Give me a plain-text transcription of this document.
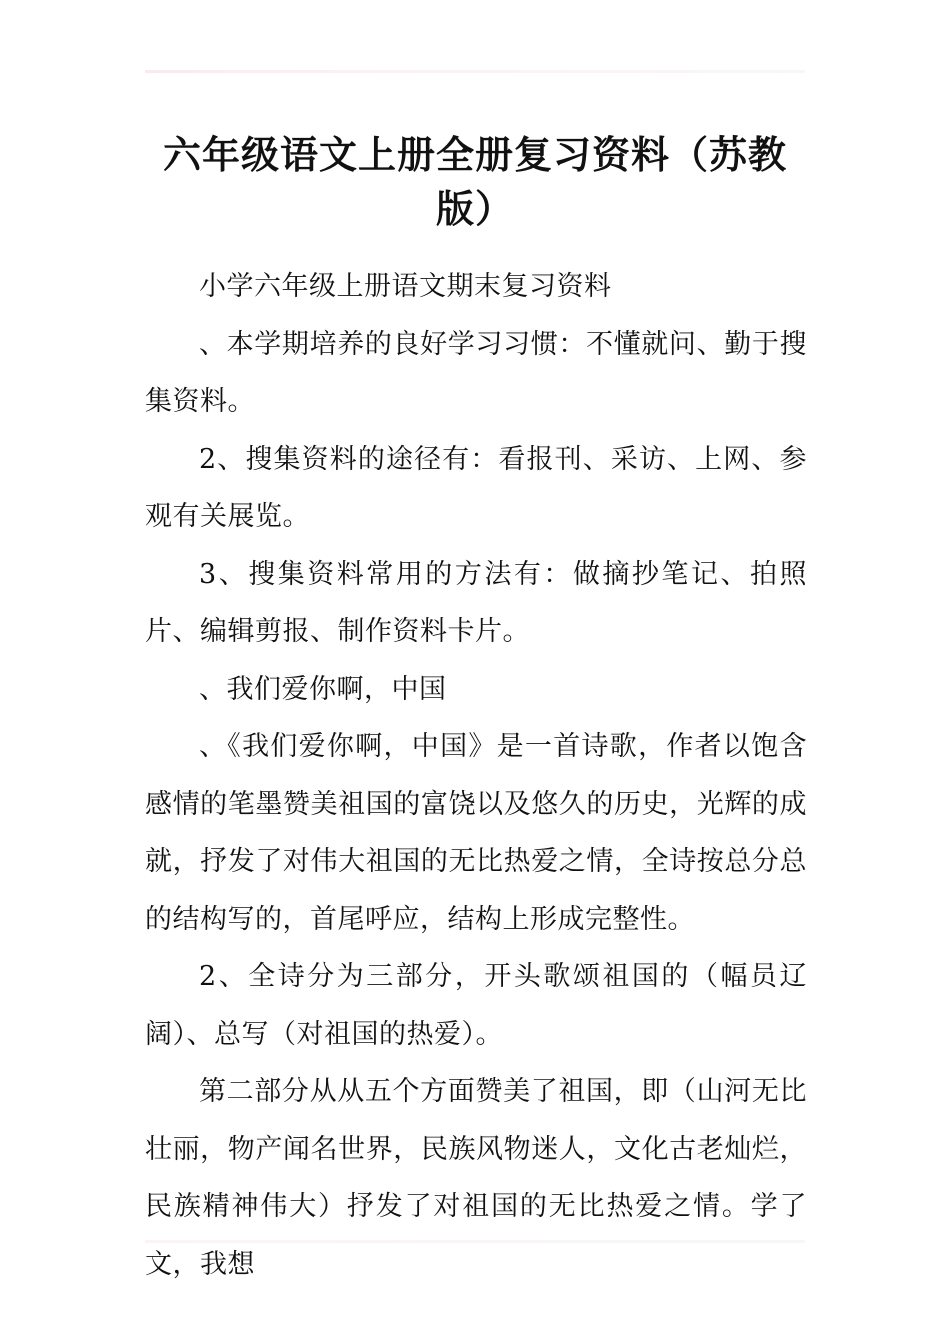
六年级语文上册全册复习资料（苏教版）

小学六年级上册语文期末复习资料

、本学期培养的良好学习习惯：不懂就问、勤于搜集资料。

2、搜集资料的途径有：看报刊、采访、上网、参观有关展览。

3、搜集资料常用的方法有：做摘抄笔记、拍照片、编辑剪报、制作资料卡片。

、我们爱你啊，中国

、《我们爱你啊，中国》是一首诗歌，作者以饱含感情的笔墨赞美祖国的富饶以及悠久的历史，光辉的成就，抒发了对伟大祖国的无比热爱之情，全诗按总分总的结构写的，首尾呼应，结构上形成完整性。

2、全诗分为三部分，开头歌颂祖国的（幅员辽阔）、总写（对祖国的热爱）。

第二部分从从五个方面赞美了祖国，即（山河无比壮丽，物产闻名世界，民族风物迷人，文化古老灿烂，民族精神伟大）抒发了对祖国的无比热爱之情。学了文，我想
